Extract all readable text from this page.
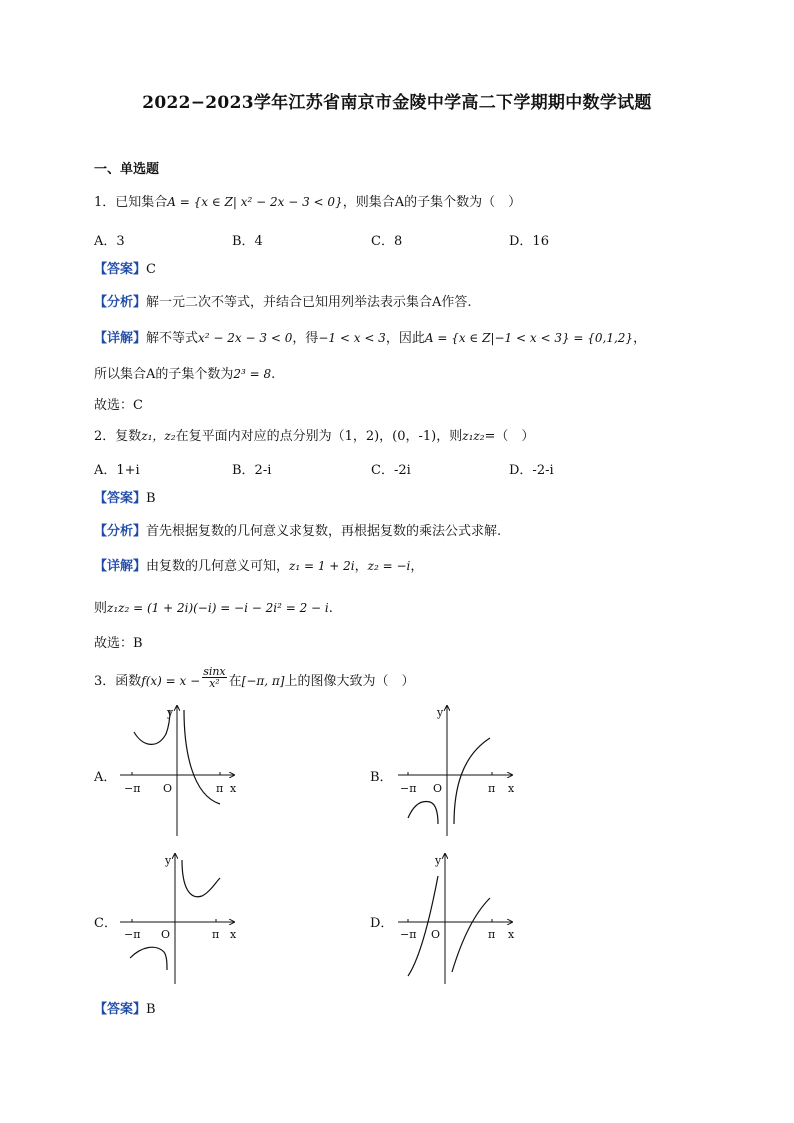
2022−2023学年江苏省南京市金陵中学高二下学期期中数学试题
一、单选题
1．已知集合A = {x ∈ Z| x² − 2x − 3 < 0}，则集合A的子集个数为（　）
A．3	B．4	C．8	D．16
【答案】C
【分析】解一元二次不等式，并结合已知用列举法表示集合A作答.
【详解】解不等式x² − 2x − 3 < 0，得−1 < x < 3，因此A = {x ∈ Z|−1 < x < 3} = {0,1,2}，
所以集合A的子集个数为2³ = 8.
故选：C
2．复数z₁，z₂在复平面内对应的点分别为（1，2)，(0，-1)，则z₁z₂=（　）
A．1+i	B．2-i	C．-2i	D．-2-i
【答案】B
【分析】首先根据复数的几何意义求复数，再根据复数的乘法公式求解.
【详解】由复数的几何意义可知，z₁ = 1 + 2i，z₂ = −i，
则z₁z₂ = (1 + 2i)(−i) = −i − 2i² = 2 − i.
故选：B
3．函数$f(x) = x - \frac{\sin x}{\text{x²}}$ 在[−π, π]上的图像大致为（　）
A．	B．
C．	D．
y
x
O
−π	π
y
x
O
−π	π
y
x
O
−π	π
y
x
O
−π	π
【答案】B
